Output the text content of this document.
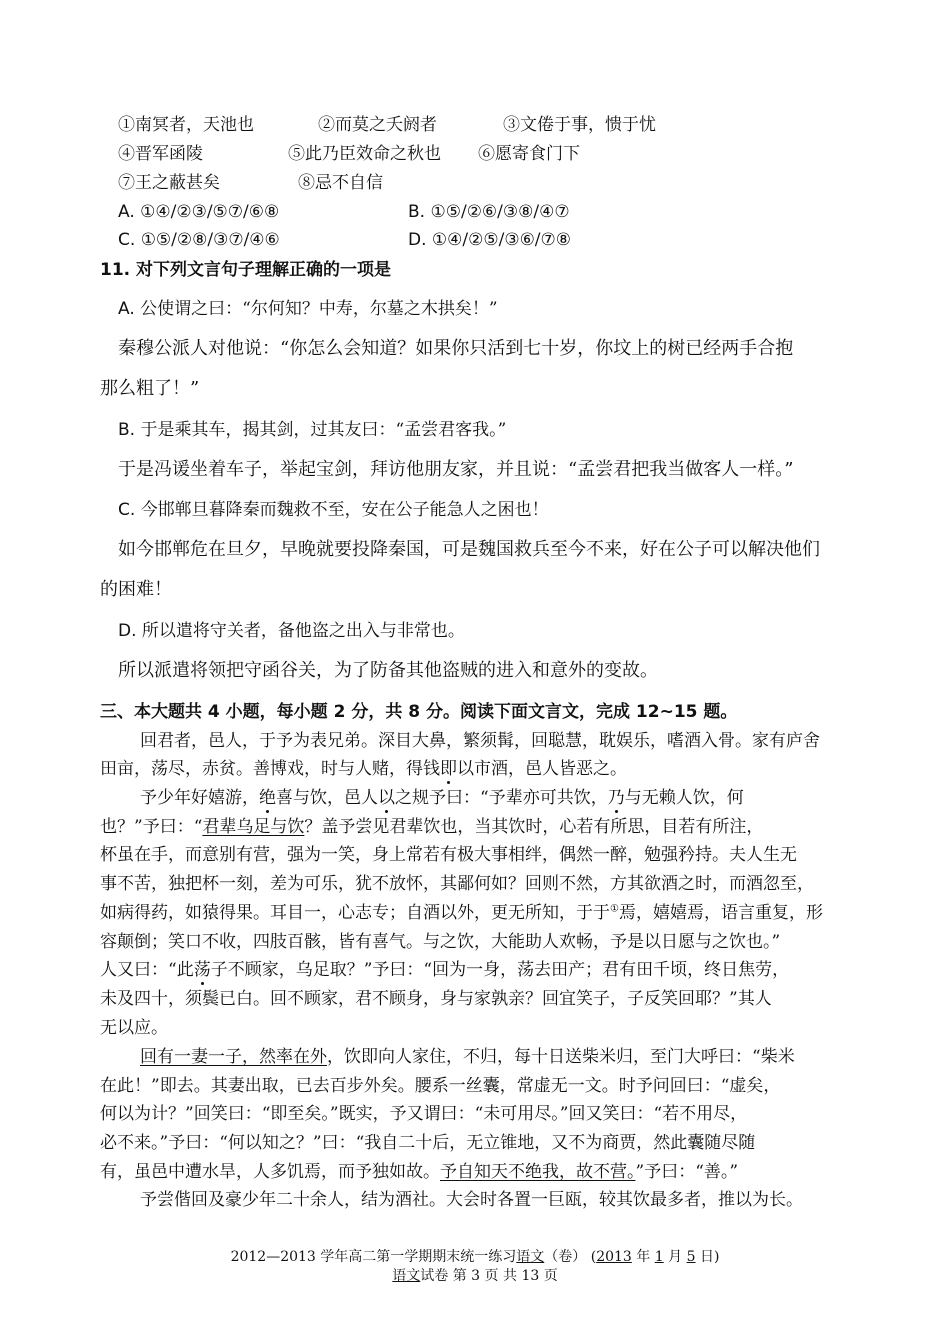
①南冥者，天池也	②而莫之夭阏者	③文倦于事，愦于忧
④晋军函陵	⑤此乃臣效命之秋也 ⑥愿寄食门下
⑦王之蔽甚矣	⑧忌不自信
A. ①④/②③/⑤⑦/⑥⑧	B. ①⑤/②⑥/③⑧/④⑦
C. ①⑤/②⑧/③⑦/④⑥	D. ①④/②⑤/③⑥/⑦⑧
11. 对下列文言句子理解正确的一项是
A. 公使谓之曰：“尔何知？中寿，尔墓之木拱矣！”
秦穆公派人对他说：“你怎么会知道？如果你只活到七十岁，你坟上的树已经两手合抱
那么粗了！”
B. 于是乘其车，揭其剑，过其友曰：“孟尝君客我。”
于是冯谖坐着车子，举起宝剑，拜访他朋友家，并且说：“孟尝君把我当做客人一样。”
C. 今邯郸旦暮降秦而魏救不至，安在公子能急人之困也！
如今邯郸危在旦夕，早晚就要投降秦国，可是魏国救兵至今不来，好在公子可以解决他们
的困难！
D. 所以遣将守关者，备他盗之出入与非常也。
所以派遣将领把守函谷关，为了防备其他盗贼的进入和意外的变故。
三、本大题共 4 小题，每小题 2 分，共 8 分。阅读下面文言文，完成 12~15 题。
回君者，邑人，于予为表兄弟。深目大鼻，繁须髯，回聪慧，耽娱乐，嗜酒入骨。家有庐舍
田亩，荡尽，赤贫。善博戏，时与人赌，得钱即以市酒，邑人皆恶之。
予少年好嬉游，绝喜与饮，邑人以之规予曰：“予辈亦可共饮，乃与无赖人饮，何
也？”予曰：“君辈乌足与饮？盖予尝见君辈饮也，当其饮时，心若有所思，目若有所注，
杯虽在手，而意别有营，强为一笑，身上常若有极大事相绊，偶然一醉，勉强矜持。夫人生无
事不苦，独把杯一刻，差为可乐，犹不放怀，其鄙何如？回则不然，方其欲酒之时，而酒忽至，
如病得药，如猿得果。耳目一，心志专；自酒以外，更无所知，于于①焉，嬉嬉焉，语言重复，形
容颠倒；笑口不收，四肢百骸，皆有喜气。与之饮，大能助人欢畅，予是以日愿与之饮也。”
人又曰：“此荡子不顾家，乌足取？”予曰：“回为一身，荡去田产；君有田千顷，终日焦劳，
未及四十，须鬓已白。回不顾家，君不顾身，身与家孰亲？回宜笑子，子反笑回耶？”其人
无以应。
回有一妻一子，然率在外，饮即向人家住，不归，每十日送柴米归，至门大呼曰：“柴米
在此！”即去。其妻出取，已去百步外矣。腰系一丝囊，常虚无一文。时予问回曰：“虚矣，
何以为计？”回笑曰：“即至矣。”既实，予又谓曰：“未可用尽。”回又笑曰：“若不用尽，
必不来。”予曰：“何以知之？”曰：“我自二十后，无立锥地，又不为商贾，然此囊随尽随
有，虽邑中遭水旱，人多饥焉，而予独如故。予自知天不绝我，故不营。”予曰：“善。”
予尝偕回及豪少年二十余人，结为酒社。大会时各置一巨瓯，较其饮最多者，推以为长。
2012—2013 学年高二第一学期期末统一练习语文（卷） (2013 年 1 月 5 日)
语文试卷 第 3 页 共 13 页
